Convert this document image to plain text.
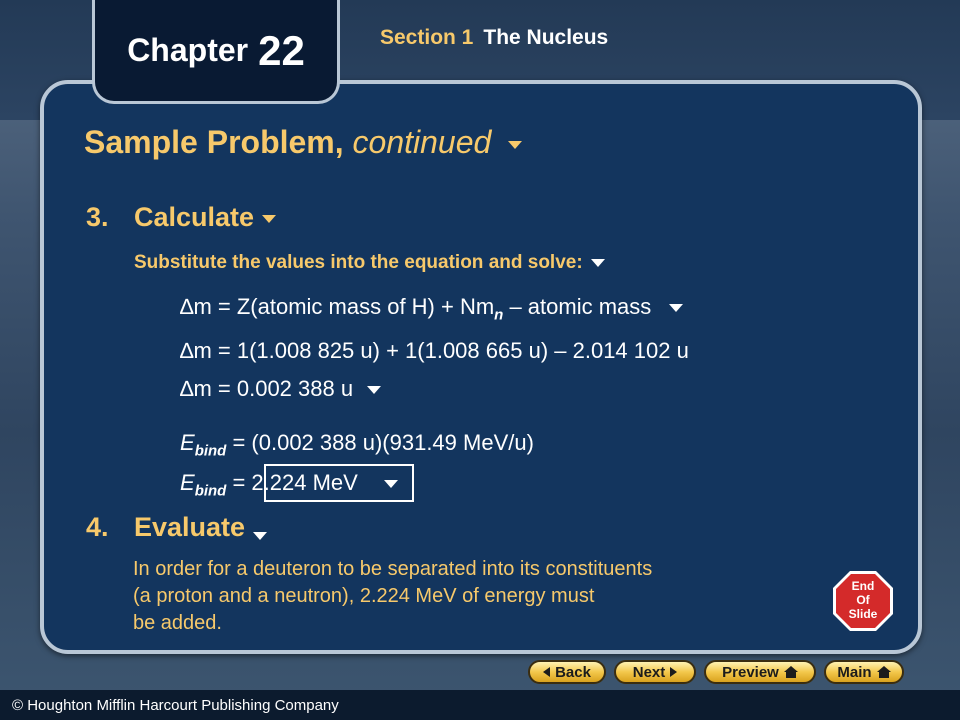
Chapter 22	Section 1 The Nucleus
Sample Problem, continued
3. Calculate
Substitute the values into the equation and solve:
∆m = Z(atomic mass of $H) + Nm_n$ – atomic mass
∆m = 1(1.008 825 u) + 1(1.008 665 u) – 2.014 102 u
∆m = 0.002 388 u
$E_{bind} = (0.002$ 388 u)(931.49 MeV/u)
$E_{bind} = 2.224$ MeV
4. Evaluate
In order for a deuteron to be separated into its constituents
(a proton and a neutron), 2.224 MeV of energy must
be added.
End
Of
Slide
Back	Next	Preview	Main
© Houghton Mifflin Harcourt Publishing Company
